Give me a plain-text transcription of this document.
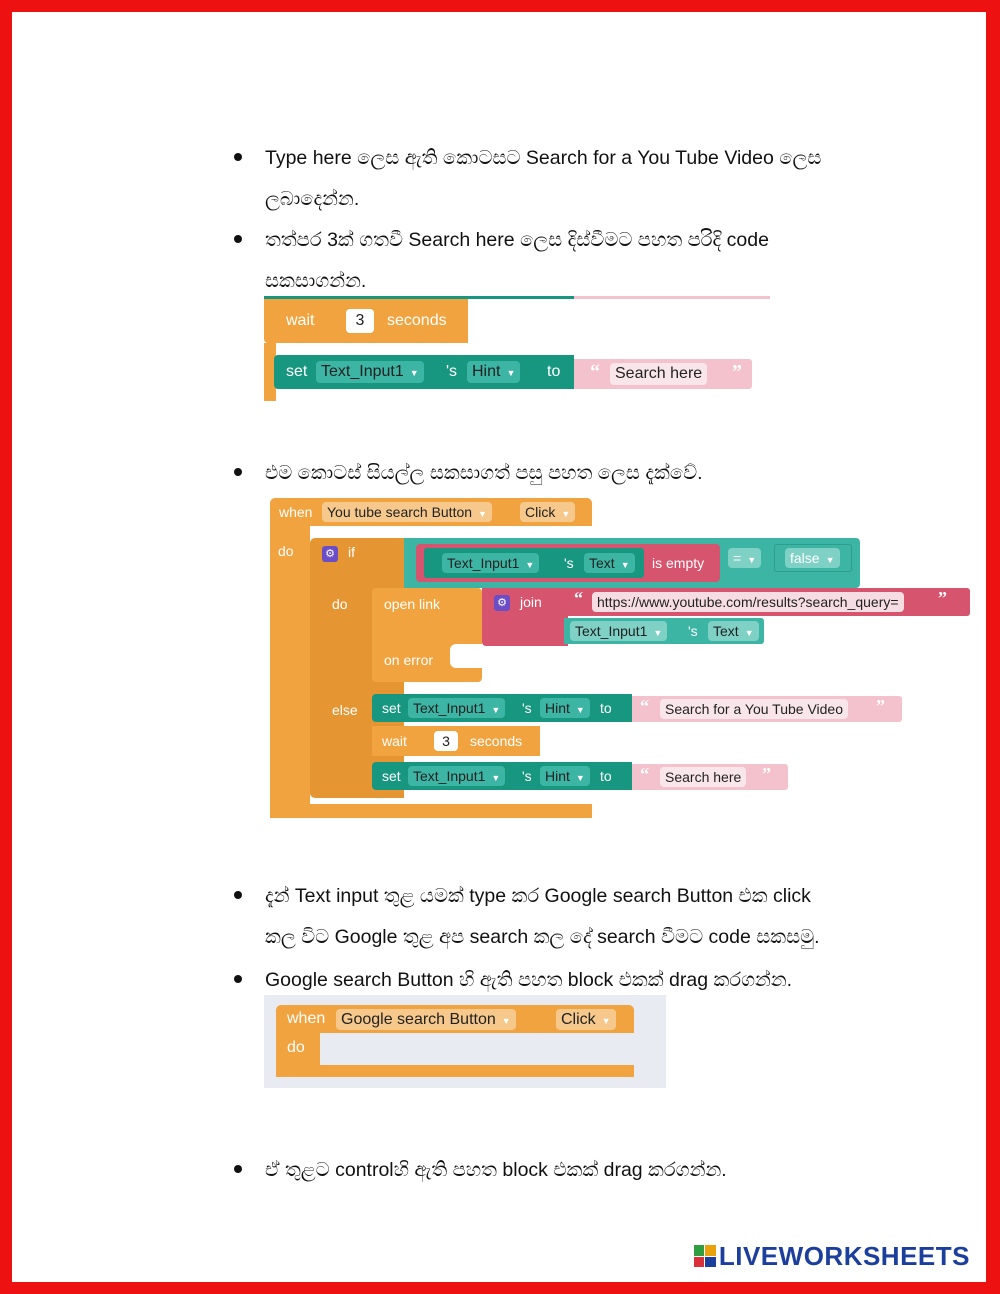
Type here ලෙස ඇති කොටසට Search for a You Tube Video ලෙස
ලබාදෙන්න.
තත්පර 3ක් ගතවී Search here ලෙස දිස්වීමට පහත පරිදි code
සකසාගන්න.
wait	3	seconds
set Text_Input1 ▼	's Hint ▼	to “ Search here ”
එම කොටස් සියල්ල සකසාගත් පසු පහත ලෙස දැක්වේ.
when	You tube search Button ▼	Click ▼
do	⚙ if
do
else
= ▼	false ▼
Text_Input1 ▼	's	Text ▼	is empty
open link
on error
⚙ join “	https://www.youtube.com/results?search_query= ”
Text_Input1 ▼	's	Text ▼
set Text_Input1 ▼	's Hint ▼	to “	Search for a You Tube Video ”
wait	3	seconds
set Text_Input1 ▼	's Hint ▼	to “	Search here ”
දැන් Text input තුළ යමක් type කර Google search Button එක click
කල විට Google තුළ අප search කල දේ search වීමට code සකසමු.
Google search Button හි ඇති පහත block එකක් drag කරගන්න.
when Google search Button ▼	Click ▼
do
ඒ තුළට controlහි ඇති පහත block එකක් drag කරගන්න.
LIVEWORKSHEETS
